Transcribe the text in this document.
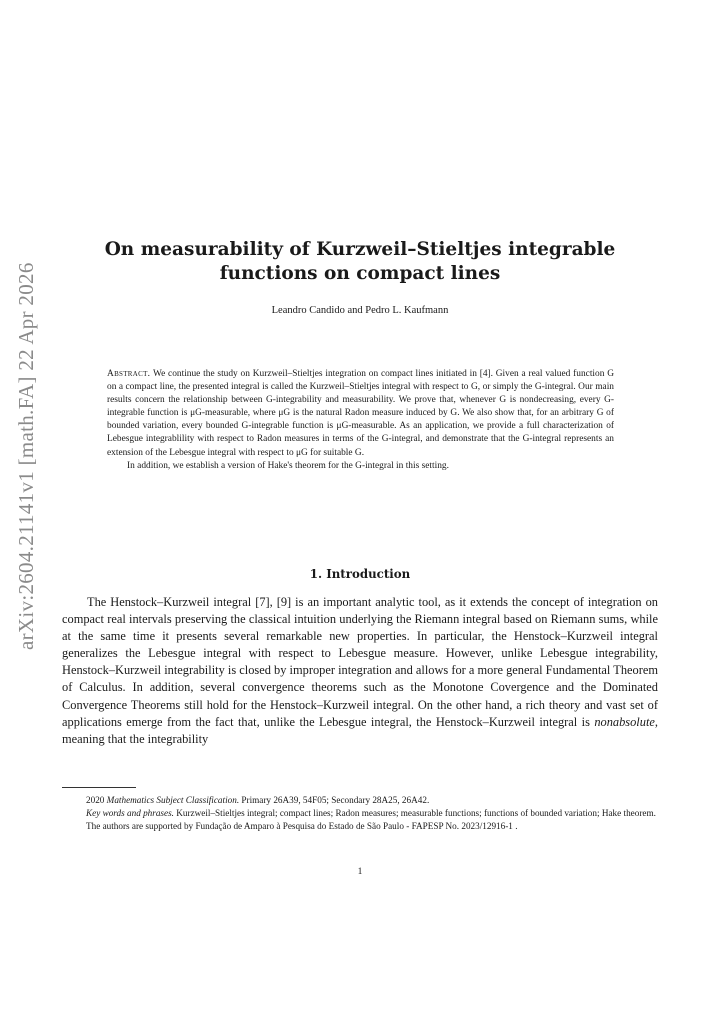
arXiv:2604.21141v1 [math.FA] 22 Apr 2026
On measurability of Kurzweil–Stieltjes integrable
functions on compact lines
Leandro Candido and Pedro L. Kaufmann

Abstract. We continue the study on Kurzweil–Stieltjes integration on compact lines initiated in [4]. Given a real valued function G on a compact line, the presented integral is called the Kurzweil–Stieltjes integral with respect to G, or simply the G-integral. Our main results concern the relationship between G-integrability and measurability. We prove that, whenever G is nondecreasing, every G-integrable function is μG-measurable, where μG is the natural Radon measure induced by G. We also show that, for an arbitrary G of bounded variation, every bounded G-integrable function is μG-measurable. As an application, we provide a full characterization of Lebesgue integrablility with respect to Radon measures in terms of the G-integral, and demonstrate that the G-integral represents an extension of the Lebesgue integral with respect to μG for suitable G.

In addition, we establish a version of Hake's theorem for the G-integral in this setting.

1. Introduction

The Henstock–Kurzweil integral [7], [9] is an important analytic tool, as it extends the concept of integration on compact real intervals preserving the classical intuition underlying the Riemann integral based on Riemann sums, while at the same time it presents several remarkable new properties. In particular, the Henstock–Kurzweil integral generalizes the Lebesgue integral with respect to Lebesgue measure. However, unlike Lebesgue integrability, Henstock–Kurzweil integrability is closed by improper integration and allows for a more general Fundamental Theorem of Calculus. In addition, several convergence theorems such as the Monotone Covergence and the Dominated Convergence Theorems still hold for the Henstock–Kurzweil integral. On the other hand, a rich theory and vast set of applications emerge from the fact that, unlike the Lebesgue integral, the Henstock–Kurzweil integral is nonabsolute, meaning that the integrability

2020 Mathematics Subject Classification. Primary 26A39, 54F05; Secondary 28A25, 26A42.

Key words and phrases. Kurzweil–Stieltjes integral; compact lines; Radon measures; measurable functions; functions of bounded variation; Hake theorem.

The authors are supported by Fundação de Amparo à Pesquisa do Estado de São Paulo - FAPESP No. 2023/12916-1 .

1
